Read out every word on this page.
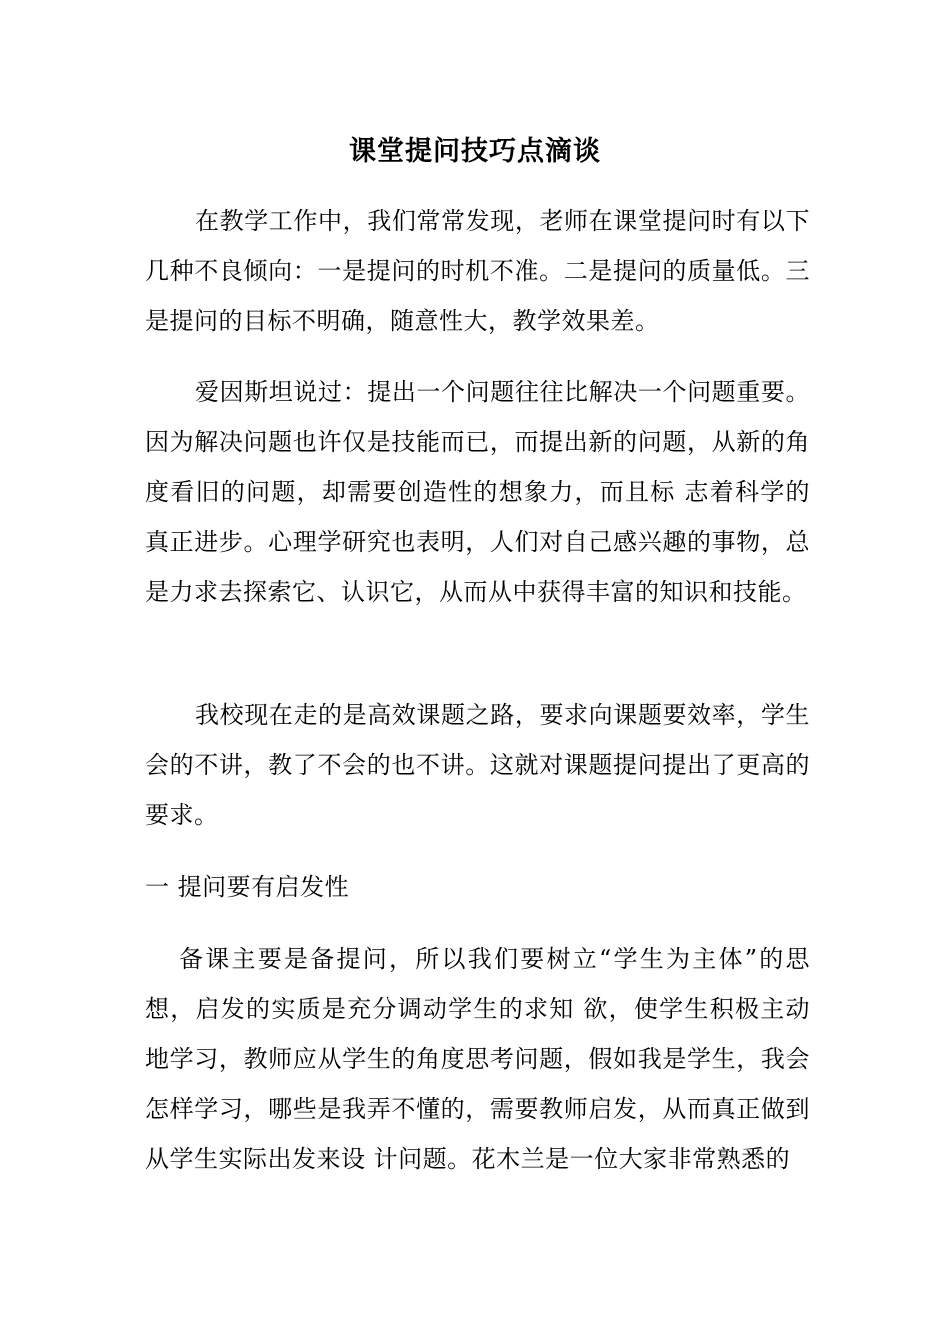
课堂提问技巧点滴谈

在教学工作中，我们常常发现，老师在课堂提问时有以下几种不良倾向：一是提问的时机不准。二是提问的质量低。三是提问的目标不明确，随意性大，教学效果差。

爱因斯坦说过：提出一个问题往往比解决一个问题重要。因为解决问题也许仅是技能而已，而提出新的问题，从新的角度看旧的问题，却需要创造性的想象力，而且标 志着科学的真正进步。心理学研究也表明，人们对自己感兴趣的事物，总是力求去探索它、认识它，从而从中获得丰富的知识和技能。

我校现在走的是高效课题之路，要求向课题要效率，学生会的不讲，教了不会的也不讲。这就对课题提问提出了更高的要求。

一 提问要有启发性

备课主要是备提问，所以我们要树立“学生为主体”的思想，启发的实质是充分调动学生的求知 欲，使学生积极主动地学习，教师应从学生的角度思考问题，假如我是学生，我会怎样学习，哪些是我弄不懂的，需要教师启发，从而真正做到从学生实际出发来设 计问题。花木兰是一位大家非常熟悉的
